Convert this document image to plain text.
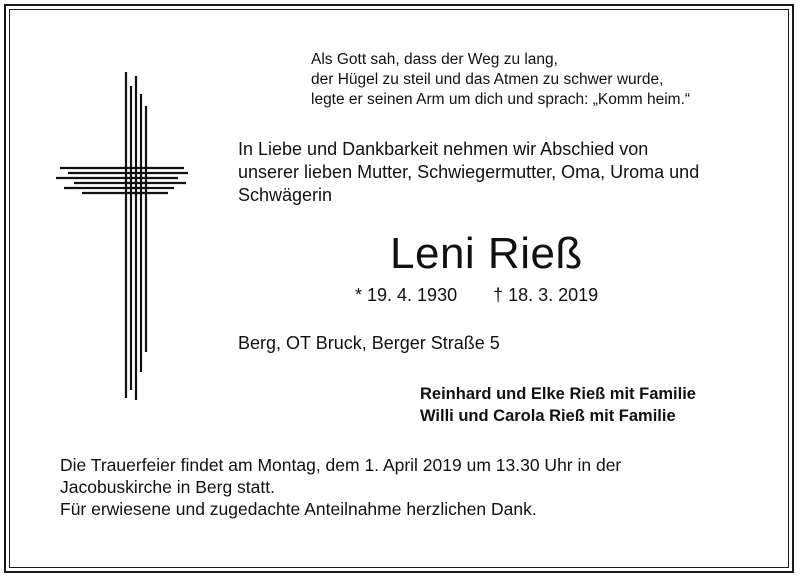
Als Gott sah, dass der Weg zu lang,
der Hügel zu steil und das Atmen zu schwer wurde,
legte er seinen Arm um dich und sprach: „Komm heim.“
In Liebe und Dankbarkeit nehmen wir Abschied von
unserer lieben Mutter, Schwiegermutter, Oma, Uroma und
Schwägerin
Leni Rieß
* 19. 4. 1930 † 18. 3. 2019
Berg, OT Bruck, Berger Straße 5
Reinhard und Elke Rieß mit Familie
Willi und Carola Rieß mit Familie
Die Trauerfeier findet am Montag, dem 1. April 2019 um 13.30 Uhr in der
Jacobuskirche in Berg statt.
Für erwiesene und zugedachte Anteilnahme herzlichen Dank.
